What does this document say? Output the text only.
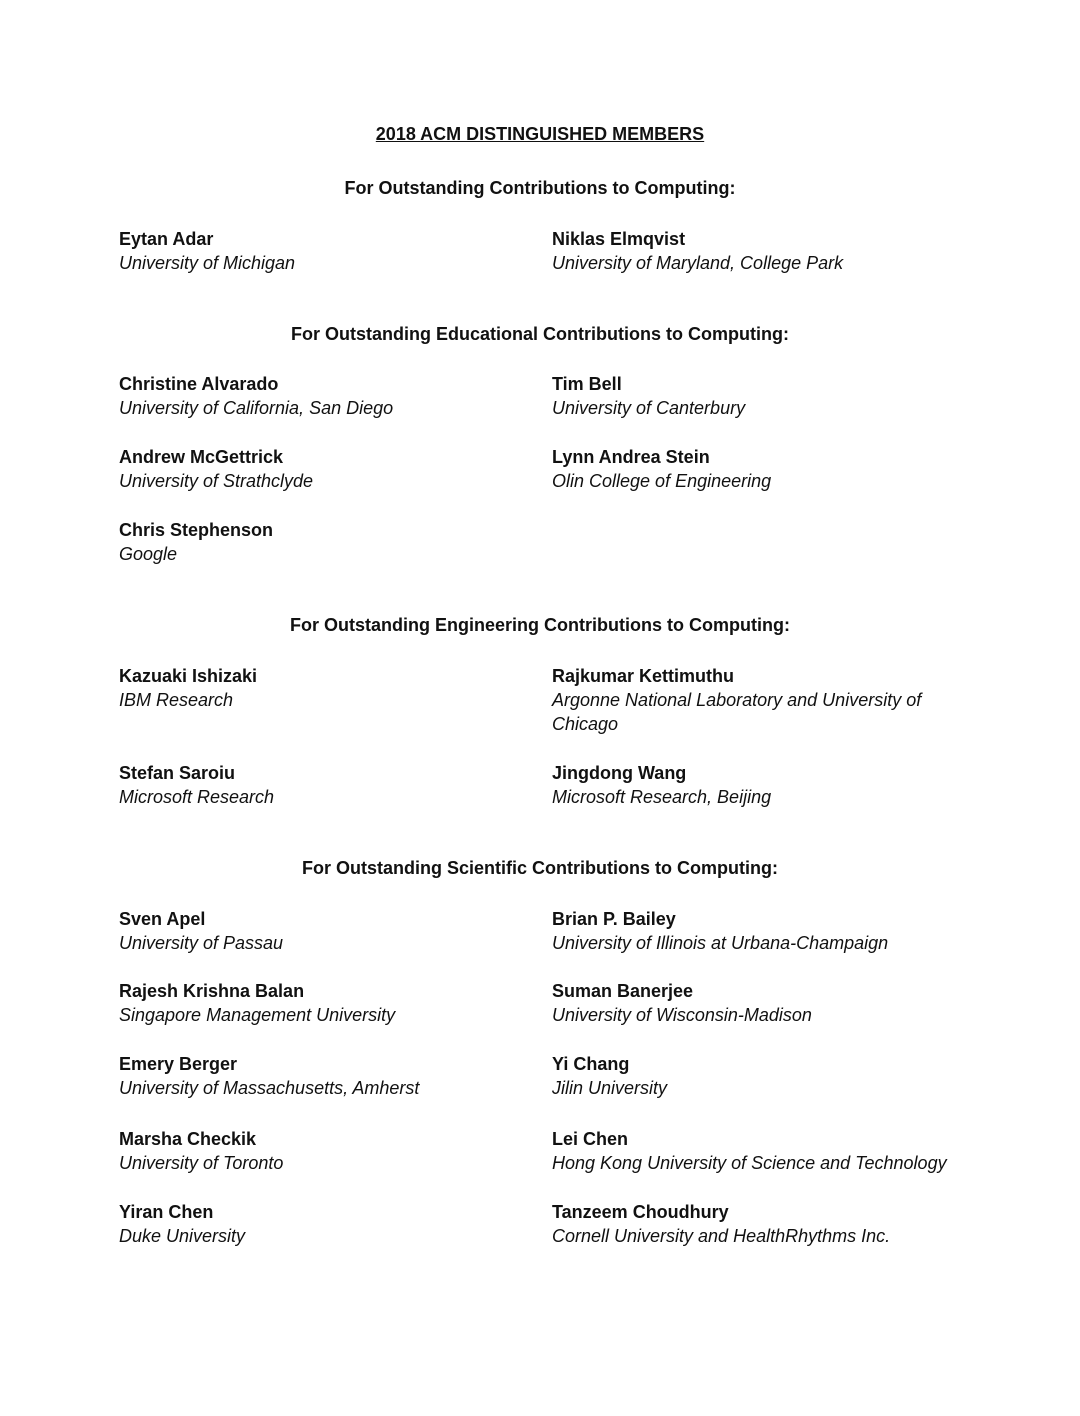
2018 ACM DISTINGUISHED MEMBERS
For Outstanding Contributions to Computing:

Eytan Adar

University of Michigan

Niklas Elmqvist

University of Maryland, College Park

For Outstanding Educational Contributions to Computing:

Christine Alvarado

University of California, San Diego

Tim Bell

University of Canterbury

Andrew McGettrick

University of Strathclyde

Lynn Andrea Stein

Olin College of Engineering

Chris Stephenson

Google

For Outstanding Engineering Contributions to Computing:

Kazuaki Ishizaki

IBM Research

Rajkumar Kettimuthu

Argonne National Laboratory and University of Chicago

Stefan Saroiu

Microsoft Research

Jingdong Wang

Microsoft Research, Beijing

For Outstanding Scientific Contributions to Computing:

Sven Apel

University of Passau

Brian P. Bailey

University of Illinois at Urbana-Champaign

Rajesh Krishna Balan

Singapore Management University

Suman Banerjee

University of Wisconsin-Madison

Emery Berger

University of Massachusetts, Amherst

Yi Chang

Jilin University

Marsha Checkik

University of Toronto

Lei Chen

Hong Kong University of Science and Technology

Yiran Chen

Duke University

Tanzeem Choudhury

Cornell University and HealthRhythms Inc.
